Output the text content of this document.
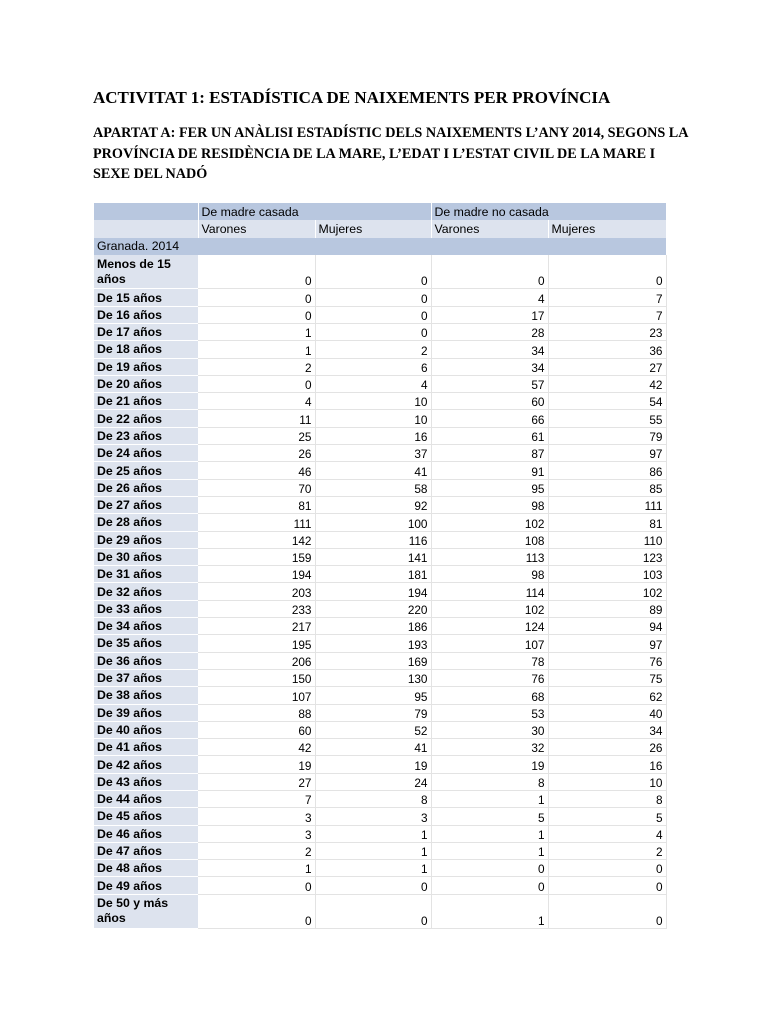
ACTIVITAT 1: ESTADÍSTICA DE NAIXEMENTS PER PROVÍNCIA

APARTAT A: FER UN ANÀLISI ESTADÍSTIC DELS NAIXEMENTS L’ANY 2014, SEGONS LA PROVÍNCIA DE RESIDÈNCIA DE LA MARE, L’EDAT I L’ESTAT CIVIL DE LA MARE I SEXE DEL NADÓ

	De madre casada		De madre no casada	
	Varones	Mujeres	Varones	Mujeres
Granada. 2014				
Menos de 15 años	0	0	0	0
De 15 años	0	0	4	7
De 16 años	0	0	17	7
De 17 años	1	0	28	23
De 18 años	1	2	34	36
De 19 años	2	6	34	27
De 20 años	0	4	57	42
De 21 años	4	10	60	54
De 22 años	11	10	66	55
De 23 años	25	16	61	79
De 24 años	26	37	87	97
De 25 años	46	41	91	86
De 26 años	70	58	95	85
De 27 años	81	92	98	111
De 28 años	111	100	102	81
De 29 años	142	116	108	110
De 30 años	159	141	113	123
De 31 años	194	181	98	103
De 32 años	203	194	114	102
De 33 años	233	220	102	89
De 34 años	217	186	124	94
De 35 años	195	193	107	97
De 36 años	206	169	78	76
De 37 años	150	130	76	75
De 38 años	107	95	68	62
De 39 años	88	79	53	40
De 40 años	60	52	30	34
De 41 años	42	41	32	26
De 42 años	19	19	19	16
De 43 años	27	24	8	10
De 44 años	7	8	1	8
De 45 años	3	3	5	5
De 46 años	3	1	1	4
De 47 años	2	1	1	2
De 48 años	1	1	0	0
De 49 años	0	0	0	0
De 50 y más años	0	0	1	0
